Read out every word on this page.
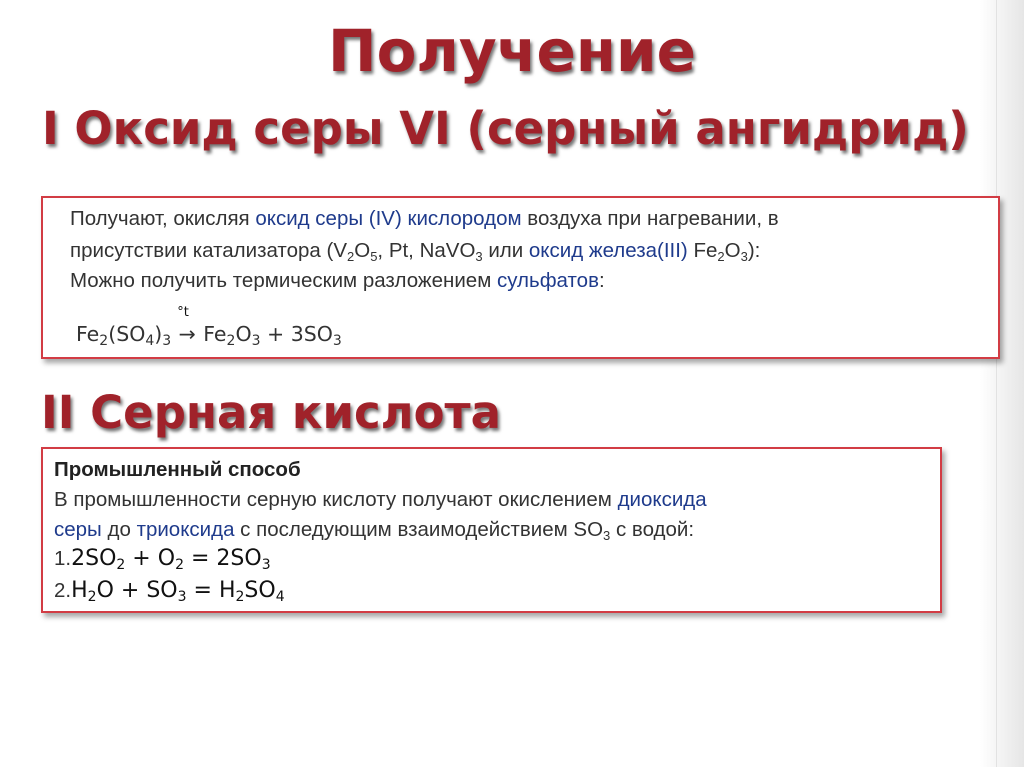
Получение
I Оксид серы VI (серный ангидрид)
Получают, окисляя оксид серы (IV) кислородом воздуха при нагревании, в
присутствии катализатора ($V_2O_5$, Pt, NaVO$_3$ или оксид железа(III) $Fe_2O_3$):
Можно получить термическим разложением сульфатов:
$Fe_2(SO_4)_3$
°t
→ $Fe_2O_3 + 3SO_3$
II Серная кислота
Промышленный способ
В промышленности серную кислоту получают окислением диоксида
серы до триоксида с последующим взаимодействием $SO_3$ с водой:
$1.2SO_2 + O_2 = 2SO_3$
$2.H_2O + SO_3 = H_2SO_4$
